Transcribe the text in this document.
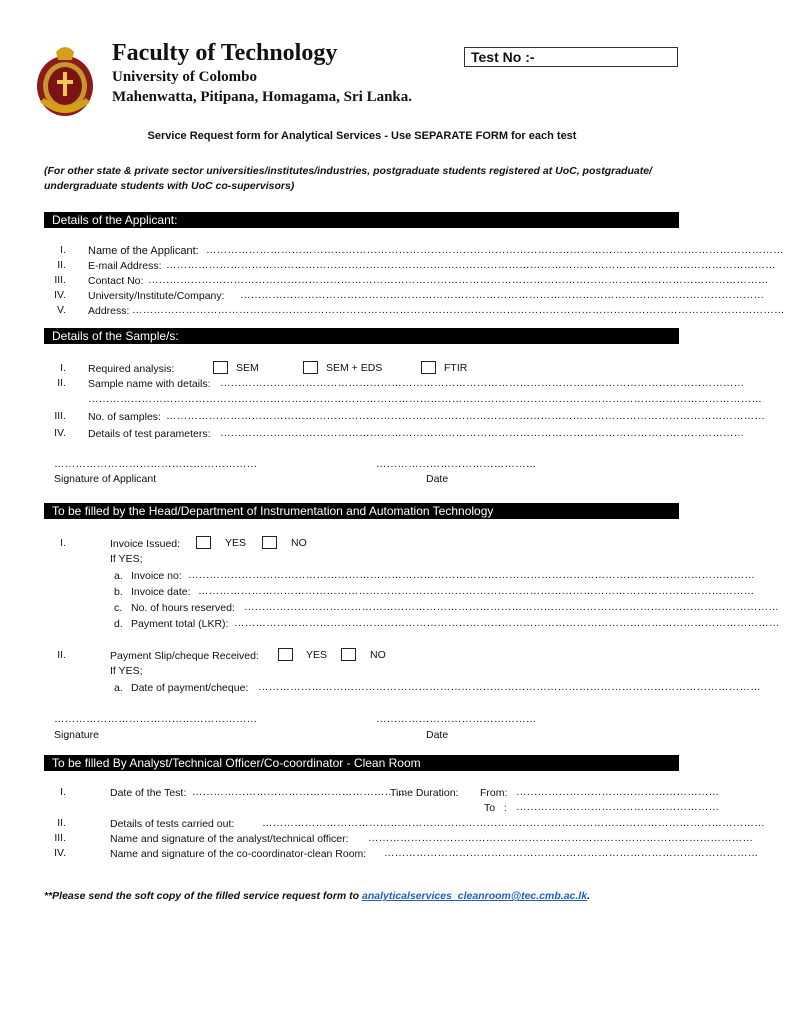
Faculty of Technology
University of Colombo
Mahenwatta, Pitipana, Homagama, Sri Lanka.
Test No :-
Service Request form for Analytical Services - Use SEPARATE FORM for each test
(For other state & private sector universities/institutes/industries, postgraduate students registered at UoC, postgraduate/ undergraduate students with UoC co-supervisors)
Details of the Applicant:
I. Name of the Applicant: ………………………………………………………………………………………………………………………………………………
II. E-mail Address: ………………………………………………………………………………………………………………………………………………………
III. Contact No: …………………………………………………………………………………………………………………………………………………………
IV. University/Institute/Company: …………………………………………………………………………………………………………………………………
V. Address: …………………………………………………………………………………………………………………………………………………………………
Details of the Sample/s:
I. Required analysis:	SEM	SEM + EDS	FTIR
II. Sample name with details: …………………………………………………………………………………………………………………………………
………………………………………………………………………………………………………………………………………………………………………
III. No. of samples: ……………………………………………………………………………………………………………………………………………………
IV. Details of test parameters: …………………………………………………………………………………………………………………………………
…………………………………………………	………………………………………
Signature of Applicant	Date
To be filled by the Head/Department of Instrumentation and Automation Technology
I.	Invoice Issued:	YES	NO
If YES;
a. Invoice no: ……………………………………………………………………………………………………………………………………………
b. Invoice date: …………………………………………………………………………………………………………………………………………
c. No. of hours reserved: ……………………………………………………………………………………………………………………………………
d. Payment total (LKR): ………………………………………………………………………………………………………………………………………
II.	Payment Slip/cheque Received:	YES	NO
If YES;
a. Date of payment/cheque: ……………………………………………………………………………………………………………………………
…………………………………………………	………………………………………
Signature	Date
To be filled By Analyst/Technical Officer/Co-coordinator - Clean Room
I.	Date of the Test: ……………………………………………………
Time Duration: From: …………………………………………………
To   : …………………………………………………
II.	Details of tests carried out:	……………………………………………………………………………………………………………………………
III.	Name and signature of the analyst/technical officer: ………………………………………………………………………………………………
IV.	Name and signature of the co-coordinator-clean Room: ……………………………………………………………………………………………
**Please send the soft copy of the filled service request form to analyticalservices_cleanroom@tec.cmb.ac.lk.
